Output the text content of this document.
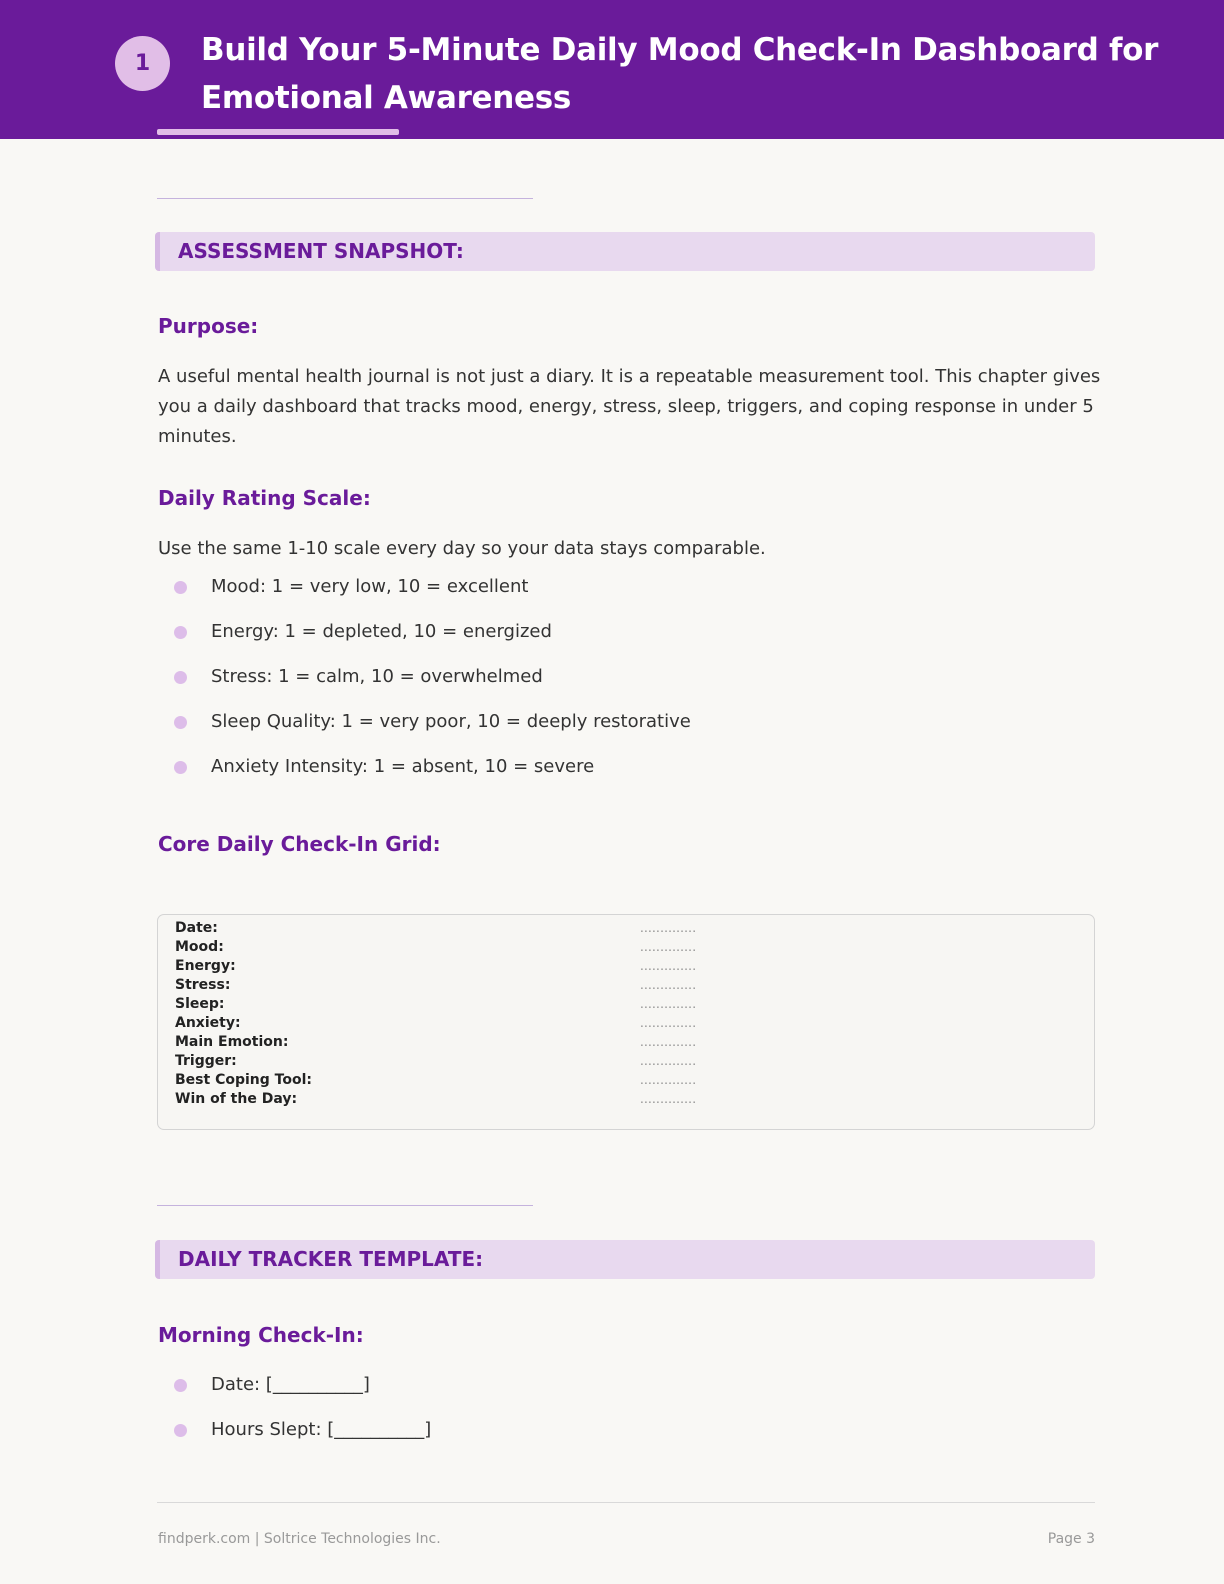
1	Build Your 5-Minute Daily Mood Check-In Dashboard for Emotional Awareness
ASSESSMENT SNAPSHOT:
Purpose:
A useful mental health journal is not just a diary. It is a repeatable measurement tool. This chapter gives you a daily dashboard that tracks mood, energy, stress, sleep, triggers, and coping response in under 5 minutes.
Daily Rating Scale:
Use the same 1-10 scale every day so your data stays comparable.
Mood: 1 = very low, 10 = excellent
Energy: 1 = depleted, 10 = energized
Stress: 1 = calm, 10 = overwhelmed
Sleep Quality: 1 = very poor, 10 = deeply restorative
Anxiety Intensity: 1 = absent, 10 = severe
Core Daily Check-In Grid:
Date:	..............
Mood:	..............
Energy:	..............
Stress:	..............
Sleep:	..............
Anxiety:	..............
Main Emotion:	..............
Trigger:	..............
Best Coping Tool:	..............
Win of the Day:	..............
DAILY TRACKER TEMPLATE:
Morning Check-In:
Date: [__________]
Hours Slept: [__________]
findperk.com | Soltrice Technologies Inc.	Page 3
